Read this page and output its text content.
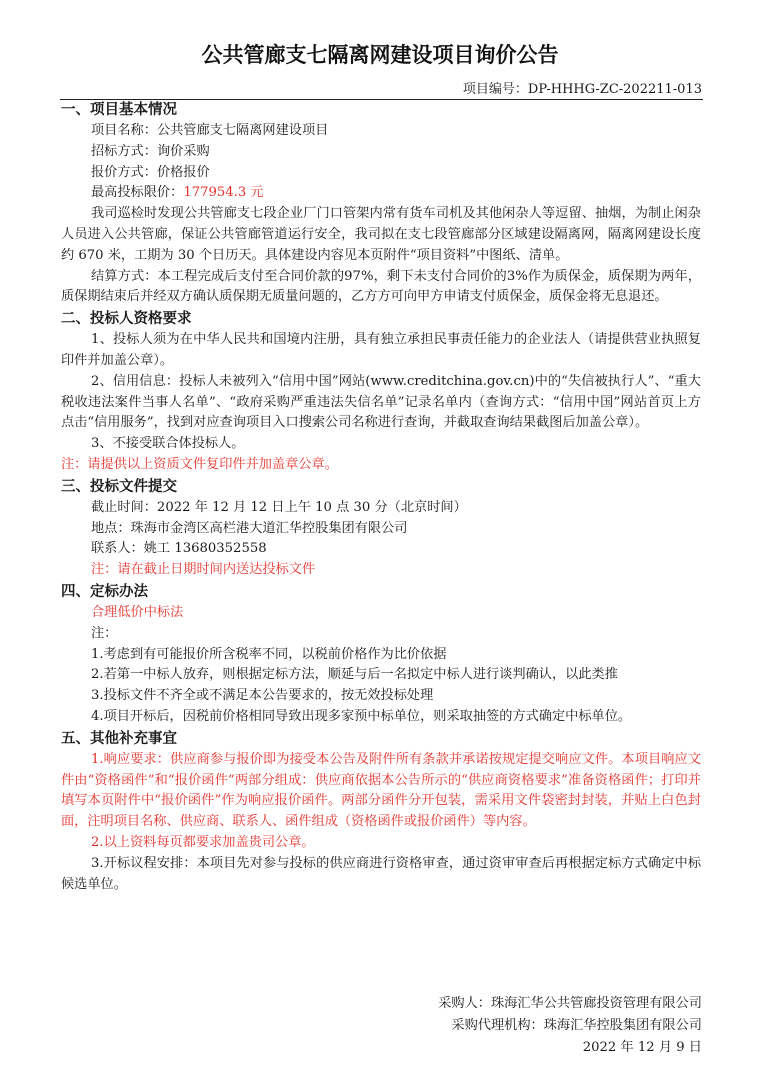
公共管廊支七隔离网建设项目询价公告
项目编号：DP-HHHG-ZC-202211-013

一、项目基本情况

项目名称：公共管廊支七隔离网建设项目

招标方式：询价采购

报价方式：价格报价

最高投标限价：177954.3 元

我司巡检时发现公共管廊支七段企业厂门口管架内常有货车司机及其他闲杂人等逗留、抽烟，为制止闲杂人员进入公共管廊，保证公共管廊管道运行安全，我司拟在支七段管廊部分区域建设隔离网，隔离网建设长度约 670 米，工期为 30 个日历天。具体建设内容见本页附件“项目资料”中图纸、清单。

结算方式：本工程完成后支付至合同价款的97%，剩下未支付合同价的3%作为质保金，质保期为两年，质保期结束后并经双方确认质保期无质量问题的，乙方方可向甲方申请支付质保金，质保金将无息退还。

二、投标人资格要求

1、投标人须为在中华人民共和国境内注册，具有独立承担民事责任能力的企业法人（请提供营业执照复印件并加盖公章）。

2、信用信息：投标人未被列入“信用中国”网站(www.creditchina.gov.cn)中的“失信被执行人”、“重大税收违法案件当事人名单”、“政府采购严重违法失信名单”记录名单内（查询方式：“信用中国”网站首页上方点击“信用服务”，找到对应查询项目入口搜索公司名称进行查询，并截取查询结果截图后加盖公章）。

3、不接受联合体投标人。

注：请提供以上资质文件复印件并加盖章公章。

三、投标文件提交

截止时间：2022 年 12 月 12 日上午 10 点 30 分（北京时间）

地点：珠海市金湾区高栏港大道汇华控股集团有限公司

联系人：姚工 13680352558

注：请在截止日期时间内送达投标文件

四、定标办法

合理低价中标法

注：

1.考虑到有可能报价所含税率不同，以税前价格作为比价依据

2.若第一中标人放弃，则根据定标方法，顺延与后一名拟定中标人进行谈判确认，以此类推

3.投标文件不齐全或不满足本公告要求的，按无效投标处理

4.项目开标后，因税前价格相同导致出现多家预中标单位，则采取抽签的方式确定中标单位。

五、其他补充事宜

1.响应要求：供应商参与报价即为接受本公告及附件所有条款并承诺按规定提交响应文件。本项目响应文件由“资格函件”和“报价函件”两部分组成：供应商依据本公告所示的“供应商资格要求”准备资格函件；打印并填写本页附件中“报价函件”作为响应报价函件。两部分函件分开包装，需采用文件袋密封封装，并贴上白色封面，注明项目名称、供应商、联系人、函件组成（资格函件或报价函件）等内容。

2.以上资料每页都要求加盖贵司公章。

3.开标议程安排：本项目先对参与投标的供应商进行资格审查，通过资审审查后再根据定标方式确定中标候选单位。

采购人：珠海汇华公共管廊投资管理有限公司
采购代理机构：珠海汇华控股集团有限公司
2022 年 12 月 9 日
